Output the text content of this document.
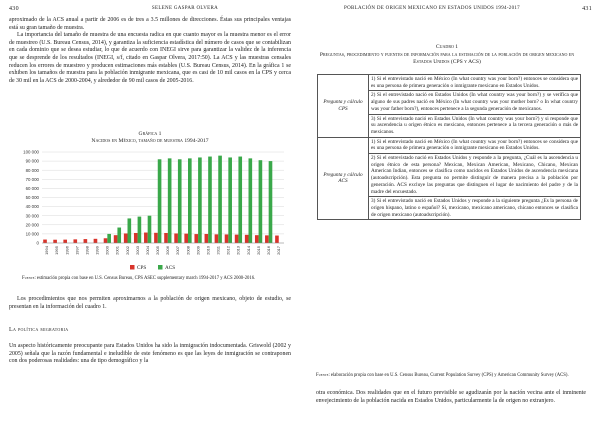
430	SELENE GASPAR OLVERA

aproximado de la ACS anual a partir de 2006 es de tres a 3.5 millones de direcciones. Éstas sus principales ventajas está su gran tamaño de muestra.

La importancia del tamaño de muestra de una encuesta radica en que cuanto mayor es la muestra menor es el error de muestreo (U.S. Bureau Census, 2014), y garantiza la suficiencia estadística del número de casos que se contabilizan en cada dominio que se desea estudiar, lo que de acuerdo con INEGI sirve para garantizar la validez de la inferencia que se desprende de los resultados (INEGI, s/f, citado en Gaspar Olvera, 2017:50). La ACS y las muestras censales reducen los errores de muestreo y producen estimaciones más estables (U.S. Bureau Census, 2014). En la gráfica 1 se exhiben los tamaños de muestra para la población inmigrante mexicana, que es casi de 10 mil casos en la CPS y cerca de 30 mil en la ACS de 2000-2004, y alrededor de 90 mil casos de 2005-2016.

Gráfica 1
Nacidos en México, tamaño de muestra 1994-2017
0
10 000
20 000
30 000
40 000
50 000
60 000
70 000
80 000
90 000
100 000
1994 1995 1996 1997 1998 1999 2000 2001 2002 2003 2004 2005 2006 2007 2008 2009 2010 2011 2012 2013 2014 2015 2016 2017
CPS	ACS
Fuente: estimación propia con base en U.S. Census Bureau, CPS ASEC supplementary march 1994-2017 y ACS 2000-2016.

Los procedimientos que nos permiten aproximarnos a la población de origen mexicano, objeto de estudio, se presentan en la información del cuadro 1.

La política migratoria

Un aspecto históricamente preocupante para Estados Unidos ha sido la inmigración indocumentada. Griswold (2002 y 2005) señala que la razón fundamental e ineludible de este fenómeno es que las leyes de inmigración se contraponen con dos poderosas realidades: una de tipo demográfico y la

POBLACIÓN DE ORIGEN MEXICANO EN ESTADOS UNIDOS 1994-2017	431
Cuadro 1
Preguntas, procedimiento y fuentes de información para la estimación de la población de origen mexicano en Estados Unidos (CPS y ACS)
Pregunta y cálculo CPS	1) Si el entrevistado nació en México (In what country was your born?) entonces se considera que es una persona de primera generación o inmigrante mexicano en Estados Unidos.
	2) Si el entrevistado nació en Estados Unidos (In what country was your born?) y se verifica que alguno de sus padres nació en México (In what country was your mother born? o In what country was your father born?), entonces pertenece a la segunda generación de mexicanos.
	3) Si el entrevistado nació en Estados Unidos (In what country was your born?) y si responde que su ascendencia u origen étnico es mexicano, entonces pertenece a la tercera generación o más de mexicanos.
Pregunta y cálculo ACS	1) Si el entrevistado nació en México (In what country was your born?) entonces se considera que es una persona de primera generación o inmigrante mexicano en Estados Unidos.
	2) Si el entrevistado nació en Estados Unidos y responde a la pregunta, ¿Cuál es la ascendencia u origen étnico de esta persona? Mexican, Mexican American, Mexicano, Chicano, Mexican American Indian, entonces se clasifica como nacidos en Estados Unidos de ascendencia mexicana (autoadscripción). Esta pregunta no permite distinguir de manera precisa a la población por generación. ACS excluye las preguntas que distinguen el lugar de nacimiento del padre y de la madre del encuestado.
	3) Si el entrevistado nació en Estados Unidos y responde a la siguiente pregunta ¿Es la persona de origen hispano, latino o español? Sí, mexicano, mexicano americano, chicano entonces se clasifica de origen mexicano (autoadscripción).
Fuente: elaboración propia con base en U.S. Census Bureau, Current Population Survey (CPS) y American Community Survey (ACS).

otra económica. Dos realidades que en el futuro previsible se agudizarán por la nación vecina ante el inminente envejecimiento de la población nacida en Estados Unidos, particularmente la de origen no extranjero.
